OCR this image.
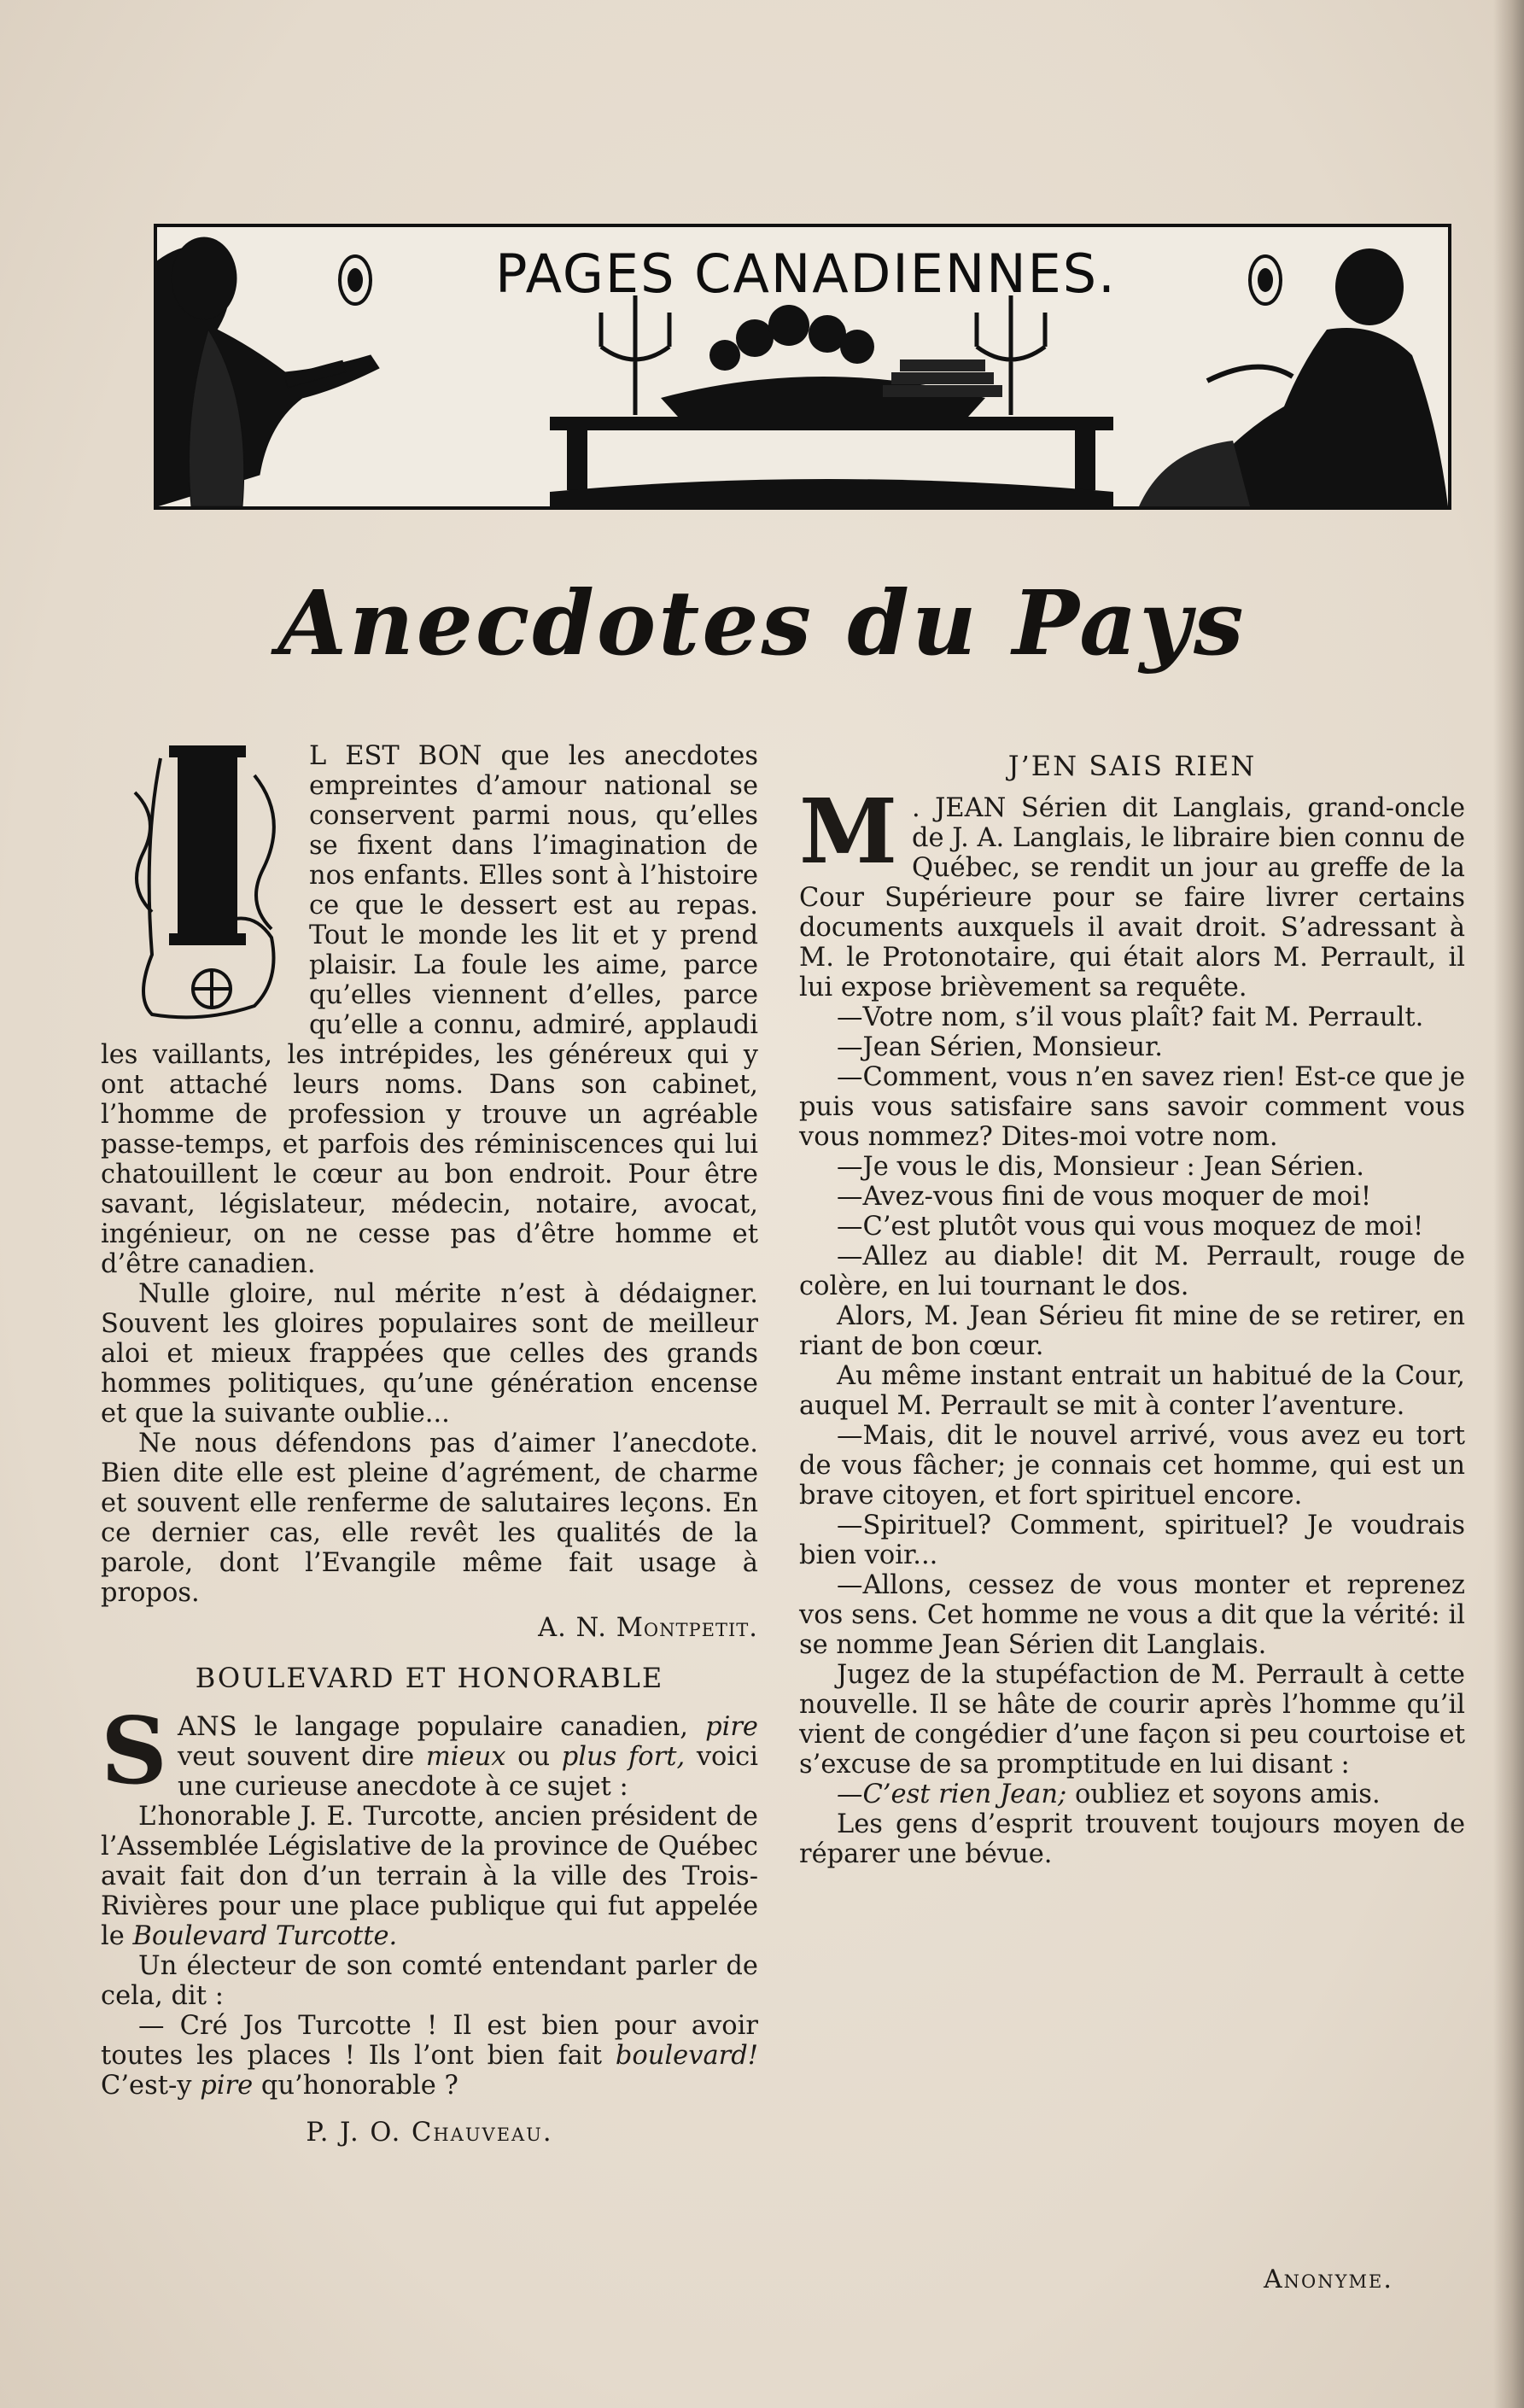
PAGES CANADIENNES.
Anecdotes du Pays

L EST BON que les anecdotes empreintes d’amour national se conservent parmi nous, qu’elles se fixent dans l’imagination de nos enfants. Elles sont à l’histoire ce que le dessert est au repas. Tout le monde les lit et y prend plaisir. La foule les aime, parce qu’elles viennent d’elles, parce qu’elle a connu, admiré, applaudi les vaillants, les intrépides, les généreux qui y ont attaché leurs noms. Dans son cabinet, l’homme de profession y trouve un agréable passe-temps, et parfois des réminiscences qui lui chatouillent le cœur au bon endroit. Pour être savant, législateur, médecin, notaire, avocat, ingénieur, on ne cesse pas d’être homme et d’être canadien.

Nulle gloire, nul mérite n’est à dédaigner. Souvent les gloires populaires sont de meilleur aloi et mieux frappées que celles des grands hommes politiques, qu’une génération encense et que la suivante oublie...

Ne nous défendons pas d’aimer l’anecdote. Bien dite elle est pleine d’agrément, de charme et souvent elle renferme de salutaires leçons. En ce dernier cas, elle revêt les qualités de la parole, dont l’Evangile même fait usage à propos.

A. N. Montpetit.

BOULEVARD ET HONORABLE

SANS le langage populaire canadien, pire veut souvent dire mieux ou plus fort, voici une curieuse anecdote à ce sujet :

L’honorable J. E. Turcotte, ancien président de l’Assemblée Législative de la province de Québec avait fait don d’un terrain à la ville des Trois-Rivières pour une place publique qui fut appelée le Boulevard Turcotte.

Un électeur de son comté entendant parler de cela, dit :

— Cré Jos Turcotte ! Il est bien pour avoir toutes les places ! Ils l’ont bien fait boulevard! C’est-y pire qu’honorable ?

P. J. O. Chauveau.

J’EN SAIS RIEN

M . JEAN Sérien dit Langlais, grand-oncle de J. A. Langlais, le libraire bien connu de Québec, se rendit un jour au greffe de la Cour Supérieure pour se faire livrer certains documents auxquels il avait droit. S’adressant à M. le Protonotaire, qui était alors M. Perrault, il lui expose brièvement sa requête.

—Votre nom, s’il vous plaît? fait M. Perrault.

—Jean Sérien, Monsieur.

—Comment, vous n’en savez rien! Est-ce que je puis vous satisfaire sans savoir comment vous vous nommez? Dites-moi votre nom.

—Je vous le dis, Monsieur : Jean Sérien.

—Avez-vous fini de vous moquer de moi!

—C’est plutôt vous qui vous moquez de moi!

—Allez au diable! dit M. Perrault, rouge de colère, en lui tournant le dos.

Alors, M. Jean Sérieu fit mine de se retirer, en riant de bon cœur.

Au même instant entrait un habitué de la Cour, auquel M. Perrault se mit à conter l’aventure.

—Mais, dit le nouvel arrivé, vous avez eu tort de vous fâcher; je connais cet homme, qui est un brave citoyen, et fort spirituel encore.

—Spirituel? Comment, spirituel? Je voudrais bien voir...

—Allons, cessez de vous monter et reprenez vos sens. Cet homme ne vous a dit que la vérité: il se nomme Jean Sérien dit Langlais.

Jugez de la stupéfaction de M. Perrault à cette nouvelle. Il se hâte de courir après l’homme qu’il vient de congédier d’une façon si peu courtoise et s’excuse de sa promptitude en lui disant :

—C’est rien Jean; oubliez et soyons amis.

Les gens d’esprit trouvent toujours moyen de réparer une bévue.

Anonyme.
